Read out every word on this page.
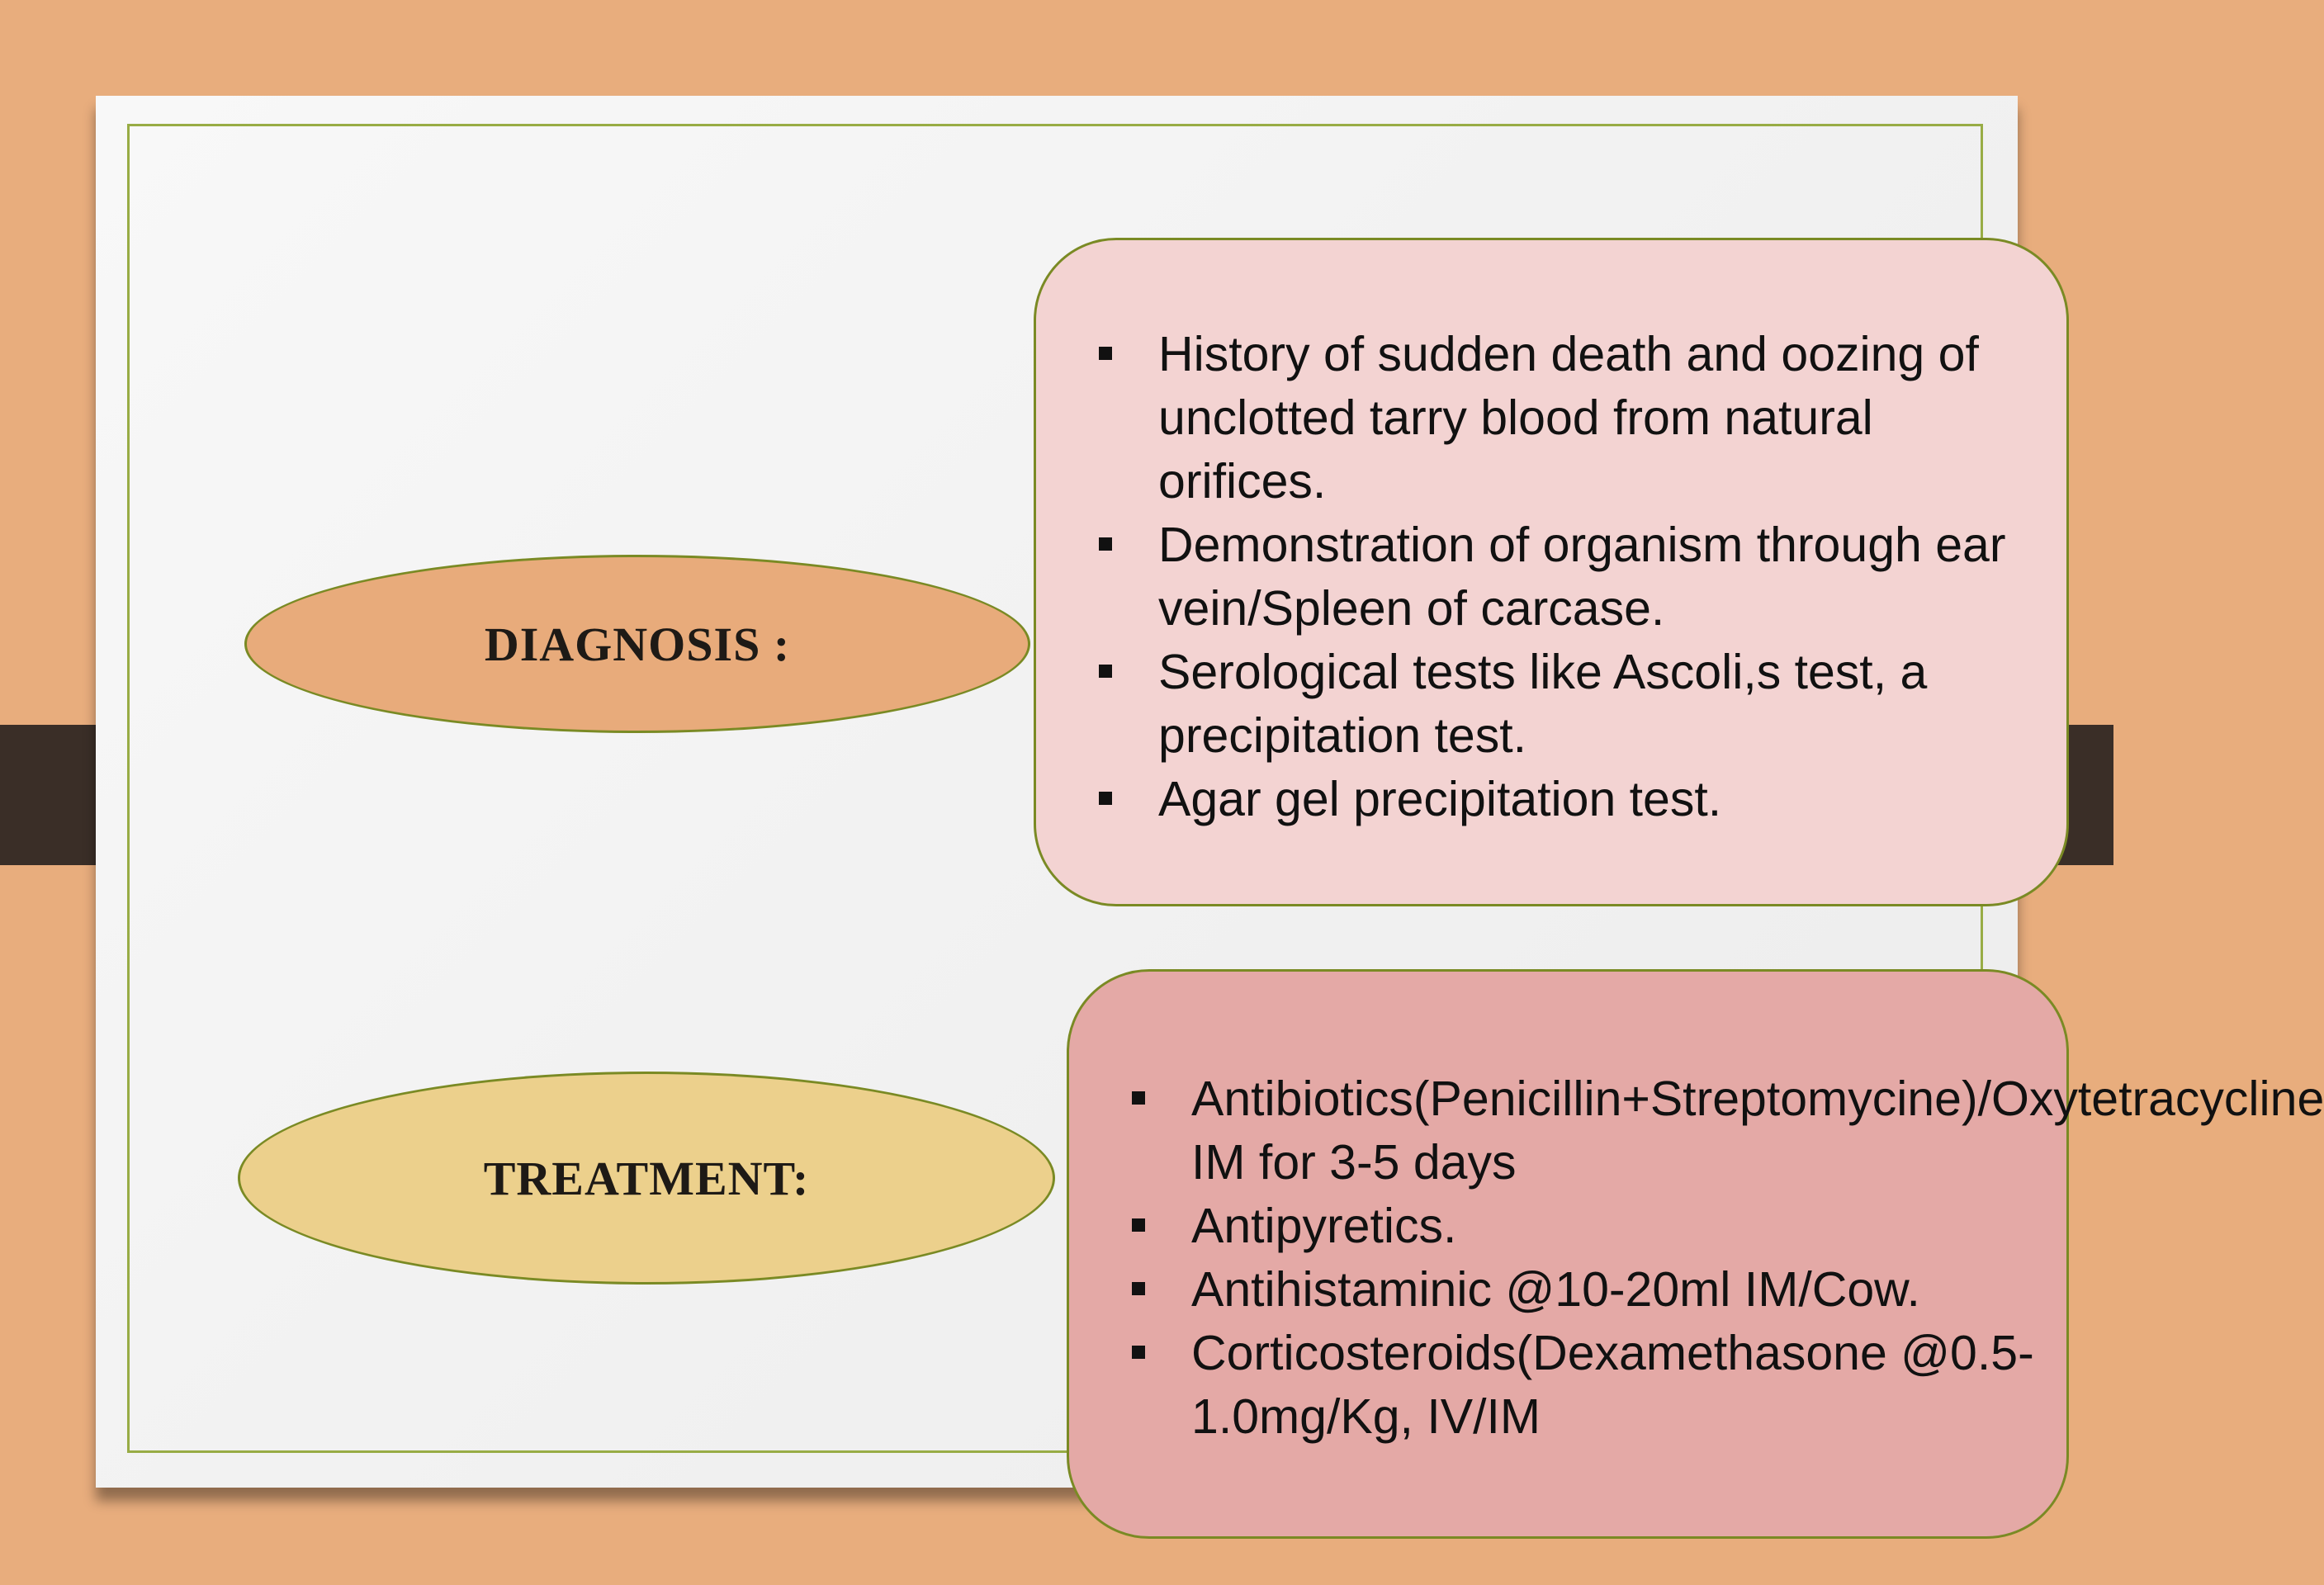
DIAGNOSIS :
History of sudden death and oozing of unclotted tarry blood from natural orifices.
Demonstration of organism through ear vein/Spleen of carcase.
Serological tests like Ascoli,s test, a precipitation test.
Agar gel precipitation test.
TREATMENT:
Antibiotics(Penicillin+Streptomycine)/Oxytetracycline IM for 3-5 days
Antipyretics.
Antihistaminic @10-20ml IM/Cow.
Corticosteroids(Dexamethasone @0.5-1.0mg/Kg, IV/IM
